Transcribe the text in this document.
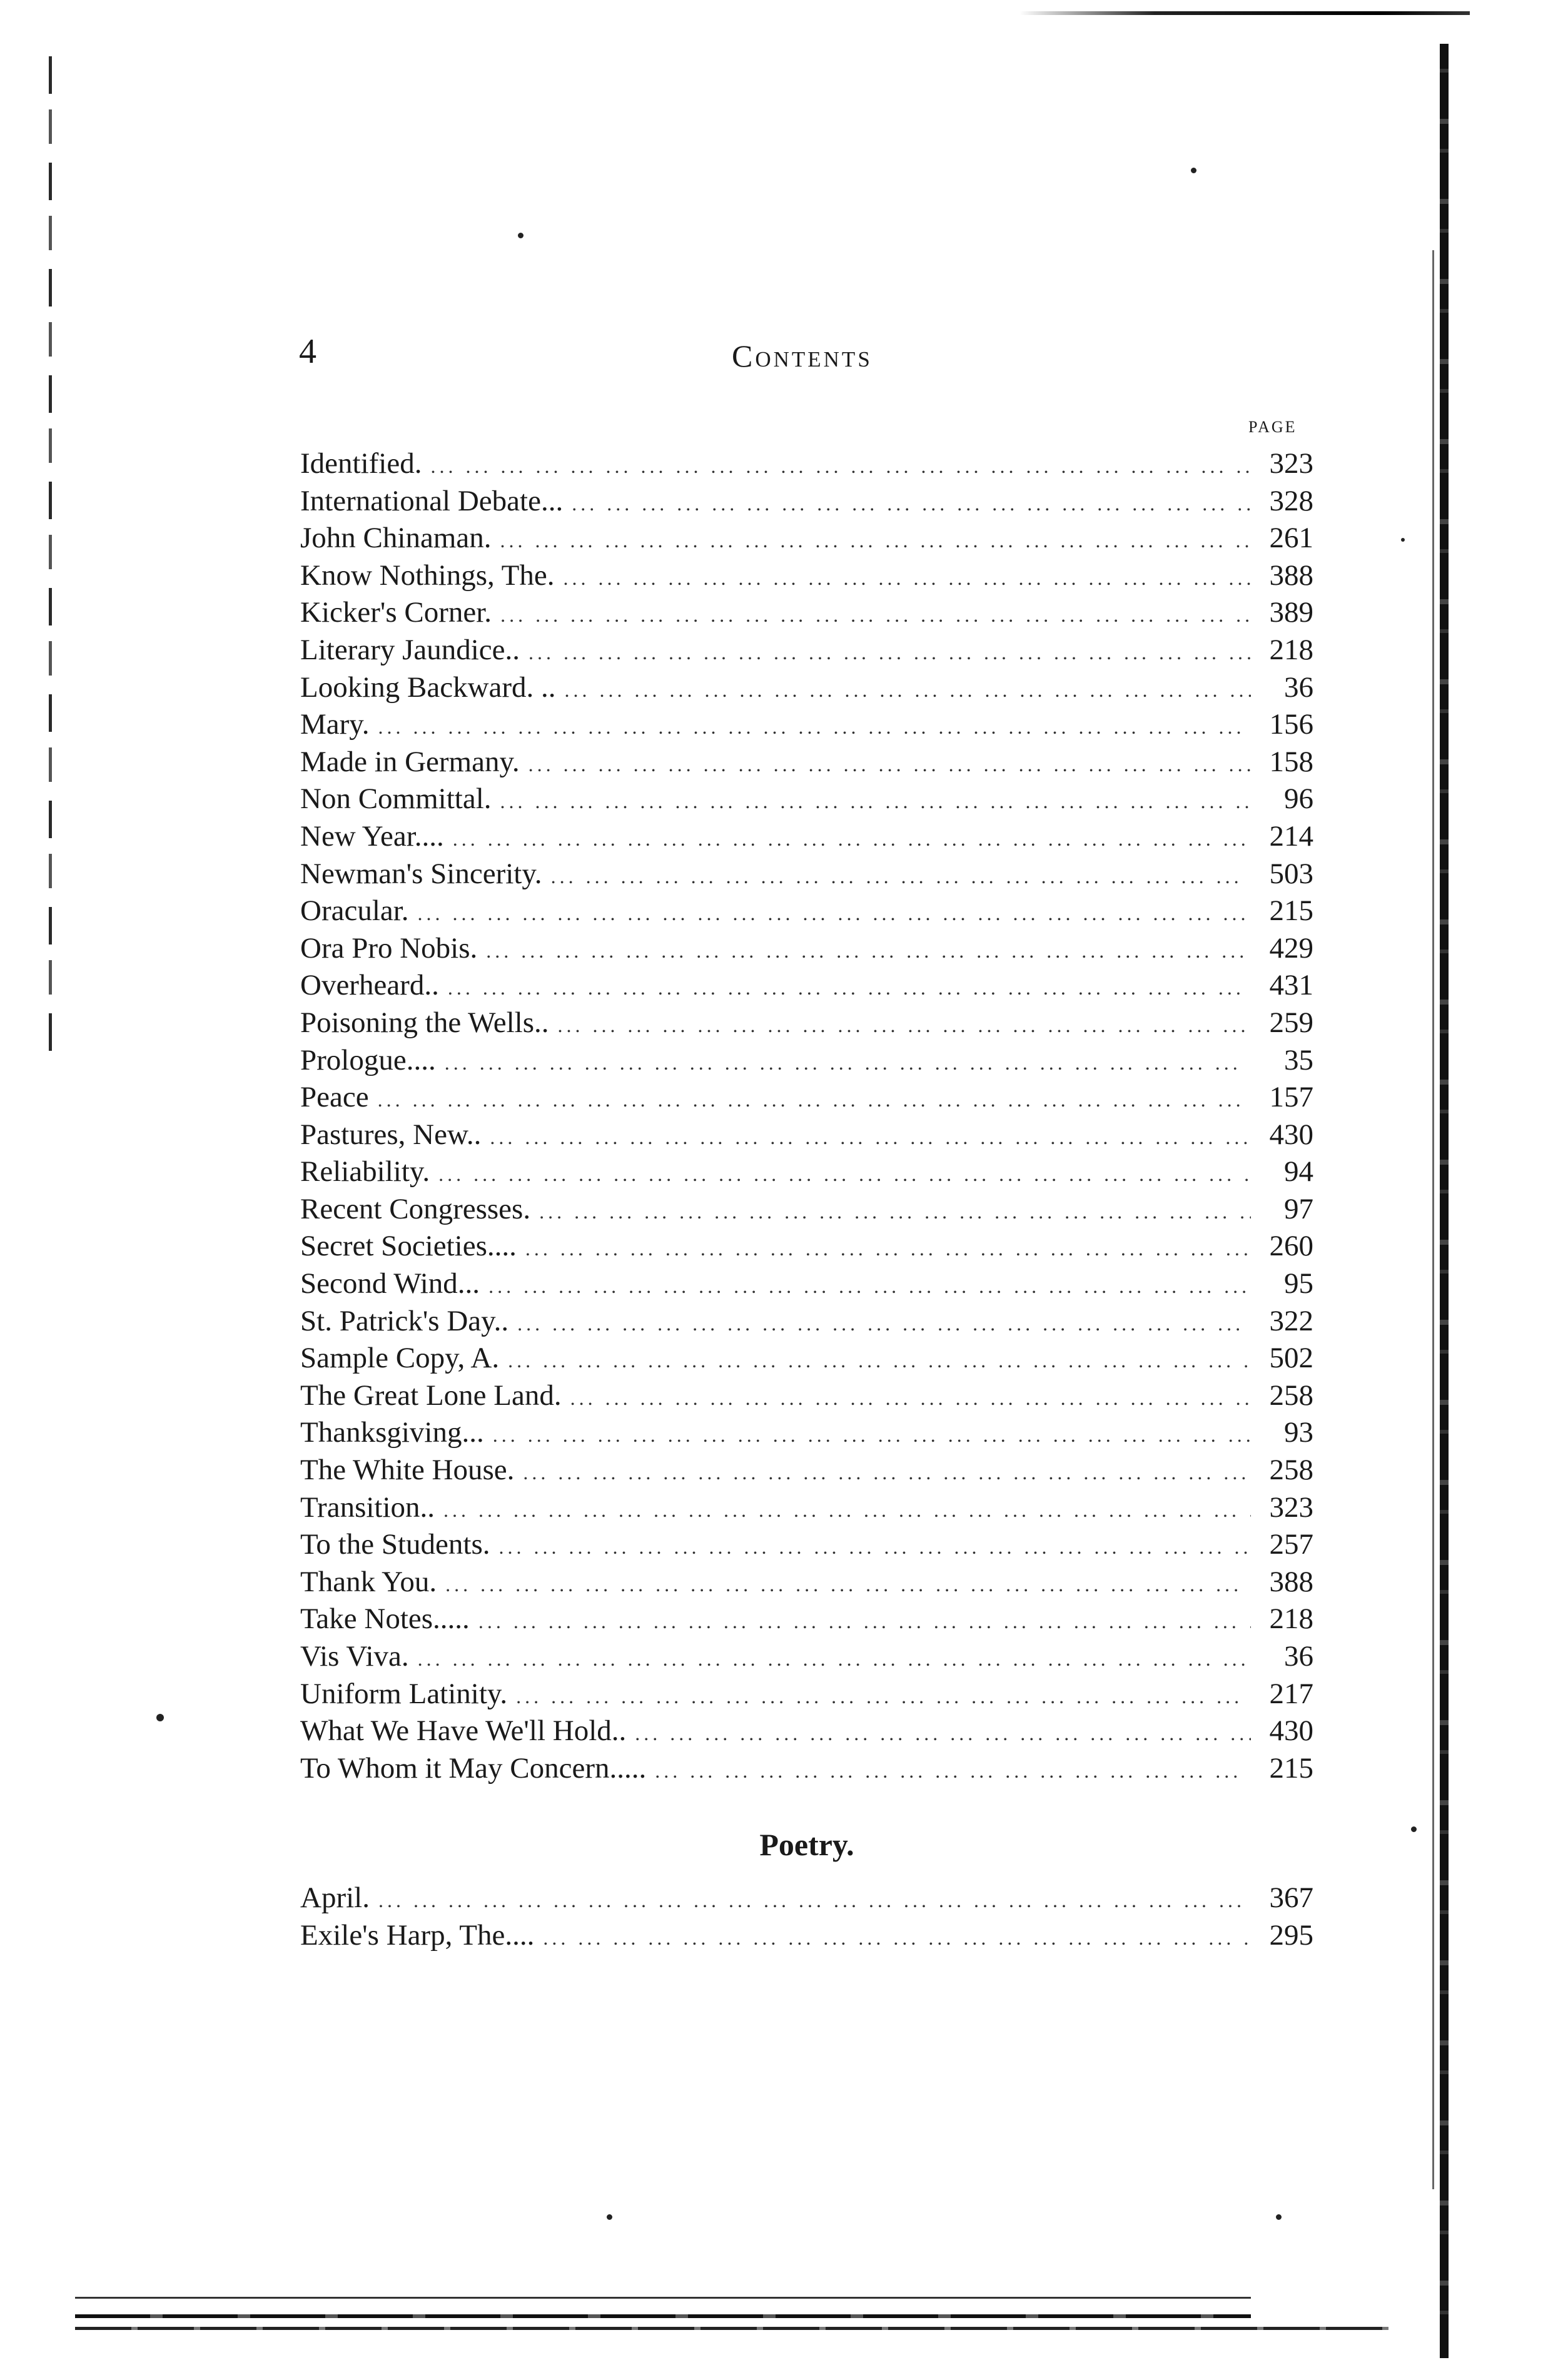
4	Contents
PAGE
Identified. ... .	323
International Debate... ... .	328
John Chinaman. ... .	261
Know Nothings, The. ... .	388
Kicker's Corner. ... .	389
Literary Jaundice.. ... .	218
Looking Backward. .. ... .	36
Mary. ... .	156
Made in Germany. ... .	158
Non Committal. ... .	96
New Year.... ... .	214
Newman's Sincerity. ... .	503
Oracular. ... .	215
Ora Pro Nobis. ... .	429
Overheard.. ... .	431
Poisoning the Wells.. ... .	259
Prologue.... ... .	35
Peace ... .	157
Pastures, New.. ... .	430
Reliability. ... .	94
Recent Congresses. ... .	97
Secret Societies.... ... .	260
Second Wind... ... .	95
St. Patrick's Day.. ... .	322
Sample Copy, A. ... .	502
The Great Lone Land. ... .	258
Thanksgiving... ... .	93
The White House. ... .	258
Transition.. ... .	323
To the Students. ... .	257
Thank You. ... .	388
Take Notes..... ... .	218
Vis Viva. ... .	36
Uniform Latinity. ... .	217
What We Have We'll Hold.. ... .	430
To Whom it May Concern..... ... .	215
Poetry.
April. ... .	367
Exile's Harp, The.... ... .	295
